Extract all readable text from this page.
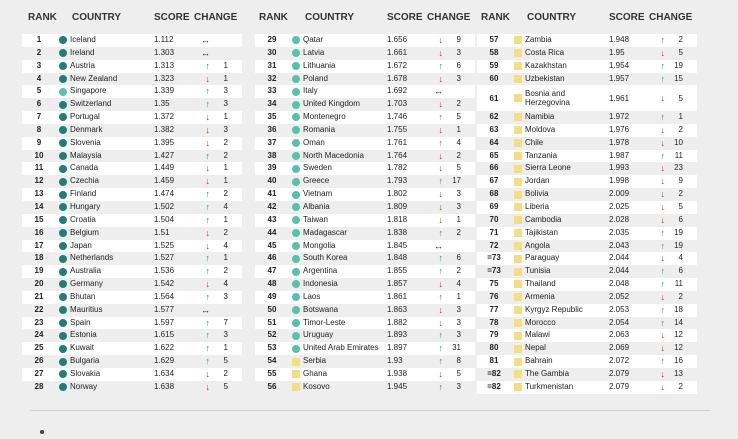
RANK	COUNTRY	SCORE CHANGE
1	Iceland	1.112	↔
2	Ireland	1.303	↔
3	Austria	1.313	↑	1
4	New Zealand	1.323	↓	1
5	Singapore	1.339	↑	3
6	Switzerland	1.35	↑	3
7	Portugal	1.372	↓	1
8	Denmark	1.382	↓	3
9	Slovenia	1.395	↓	2
10	Malaysia	1.427	↑	2
11	Canada	1.449	↓	1
12	Czechia	1.459	↓	1
13	Finland	1.474	↑	2
14	Hungary	1.502	↑	4
15	Croatia	1.504	↑	1
16	Belgium	1.51	↓	2
17	Japan	1.525	↓	4
18	Netherlands	1.527	↑	1
19	Australia	1.536	↑	2
20	Germany	1.542	↓	4
21	Bhutan	1.564	↑	3
22	Mauritius	1.577	↔
23	Spain	1.597	↑	7
24	Estonia	1.615	↑	3
25	Kuwait	1.622	↑	1
26	Bulgaria	1.629	↑	5
27	Slovakia	1.634	↓	2
28	Norway	1.638	↓	5
RANK	COUNTRY	SCORE CHANGE
29	Qatar	1.656	↓	9
30	Latvia	1.661	↓	3
31	Lithuania	1.672	↑	6
32	Poland	1.678	↓	3
33	Italy	1.692	↔
34	United Kingdom	1.703	↓	2
35	Montenegro	1.746	↑	5
36	Romania	1.755	↓	1
37	Oman	1.761	↑	4
38	North Macedonia	1.764	↓	2
39	Sweden	1.782	↓	5
40	Greece	1.793	↑	17
41	Vietnam	1.802	↓	3
42	Albania	1.809	↓	3
43	Taiwan	1.818	↓	1
44	Madagascar	1.838	↑	2
45	Mongolia	1.845	↔
46	South Korea	1.848	↑	6
47	Argentina	1.855	↑	2
48	Indonesia	1.857	↓	4
49	Laos	1.861	↑	1
50	Botswana	1.863	↓	3
51	Timor-Leste	1.882	↓	3
52	Uruguay	1.893	↑	3
53	United Arab Emirates	1.897	↑	31
54	Serbia	1.93	↑	8
55	Ghana	1.938	↓	5
56	Kosovo	1.945	↑	3
RANK	COUNTRY	SCORE CHANGE
57	Zambia	1.948	↑	2
58	Costa Rica	1.95	↓	5
59	Kazakhstan	1.954	↑	19
60	Uzbekistan	1.957	↑	15
61	Bosnia and Herzegovina	1.961	↓	5
62	Namibia	1.972	↑	1
63	Moldova	1.976	↓	2
64	Chile	1.978	↓	10
65	Tanzania	1.987	↑	11
66	Sierra Leone	1.993	↓	23
67	Jordan	1.998	↓	9
68	Bolivia	2.009	↓	2
69	Liberia	2.025	↓	5
70	Cambodia	2.028	↓	6
71	Tajikistan	2.035	↑	19
72	Angola	2.043	↑	19
=73	Paraguay	2.044	↓	4
=73	Tunisia	2.044	↑	6
75	Thailand	2.048	↑	11
76	Armenia	2.052	↓	2
77	Kyrgyz Republic	2.053	↑	18
78	Morocco	2.054	↑	14
79	Malawi	2.063	↓	12
80	Nepal	2.069	↓	12
81	Bahrain	2.072	↑	16
=82	The Gambia	2.079	↓	13
=82	Turkmenistan	2.079	↓	2
